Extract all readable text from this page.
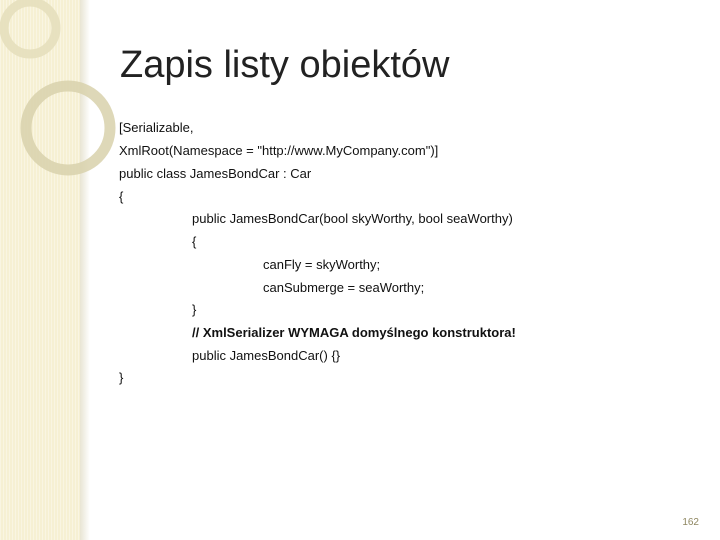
Zapis listy obiektów
[Serializable,
XmlRoot(Namespace = "http://www.MyCompany.com")]
public class JamesBondCar : Car
{
public JamesBondCar(bool skyWorthy, bool seaWorthy)
{
canFly = skyWorthy;
canSubmerge = seaWorthy;
}
// XmlSerializer WYMAGA domyślnego konstruktora!
public JamesBondCar() {}
}
162
